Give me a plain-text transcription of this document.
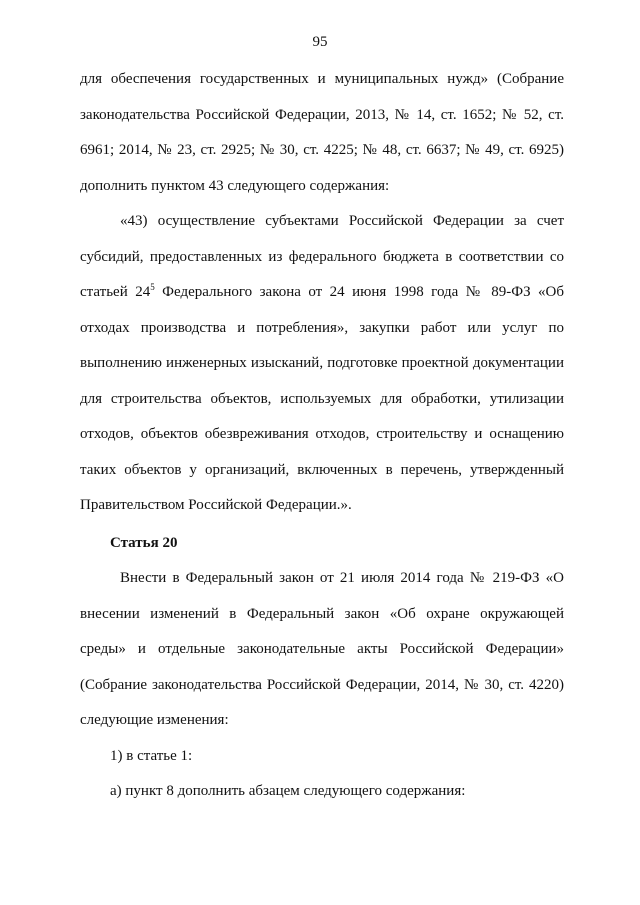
95

для обеспечения государственных и муниципальных нужд» (Собрание законодательства Российской Федерации, 2013, № 14, ст. 1652; № 52, ст. 6961; 2014, № 23, ст. 2925; № 30, ст. 4225; № 48, ст. 6637; № 49, ст. 6925) дополнить пунктом 43 следующего содержания:

«43) осуществление субъектами Российской Федерации за счет субсидий, предоставленных из федерального бюджета в соответствии со статьей $24^5$ Федерального закона от 24 июня 1998 года № 89-ФЗ «Об отходах производства и потребления», закупки работ или услуг по выполнению инженерных изысканий, подготовке проектной документации для строительства объектов, используемых для обработки, утилизации отходов, объектов обезвреживания отходов, строительству и оснащению таких объектов у организаций, включенных в перечень, утвержденный Правительством Российской Федерации.».

Статья 20

Внести в Федеральный закон от 21 июля 2014 года № 219-ФЗ «О внесении изменений в Федеральный закон «Об охране окружающей среды» и отдельные законодательные акты Российской Федерации» (Собрание законодательства Российской Федерации, 2014, № 30, ст. 4220) следующие изменения:

1) в статье 1:

а) пункт 8 дополнить абзацем следующего содержания:
